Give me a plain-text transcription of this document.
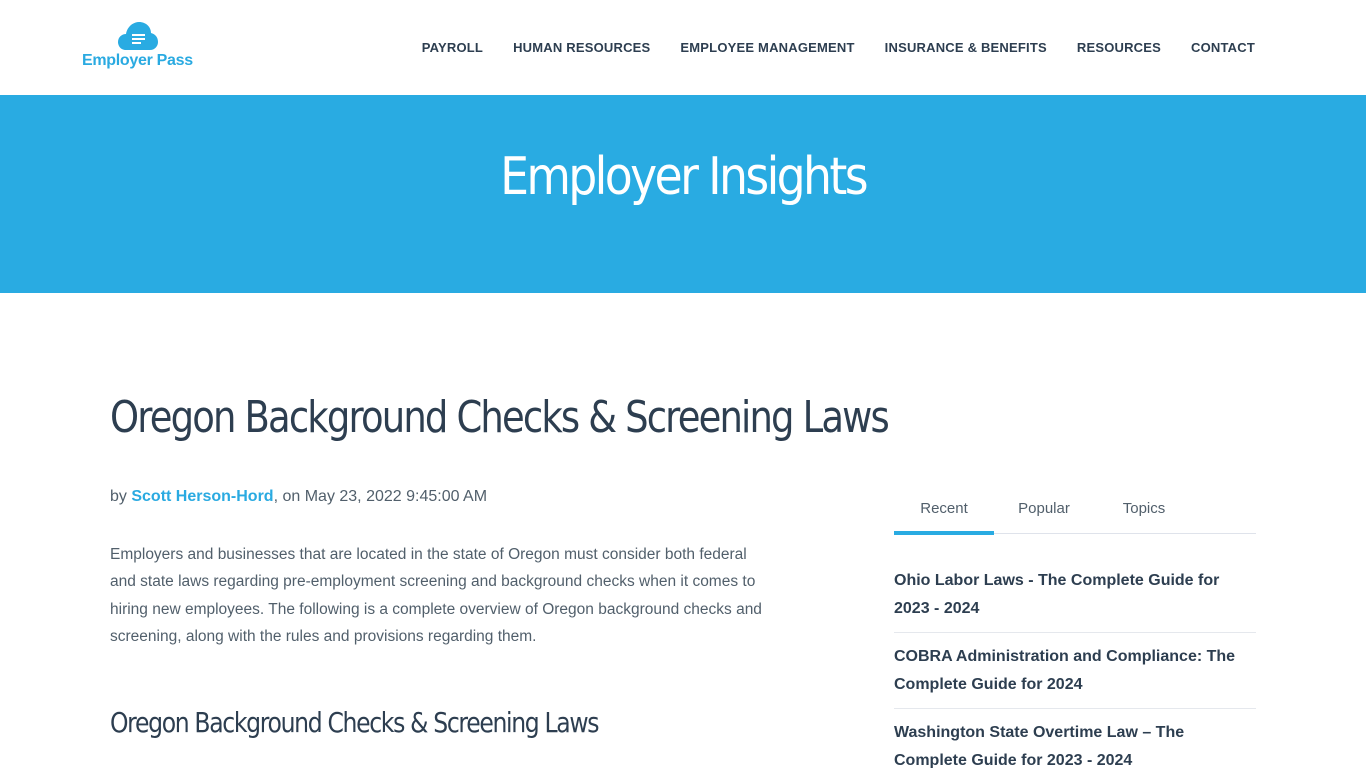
Employer Pass
PAYROLL HUMAN RESOURCES EMPLOYEE MANAGEMENT INSURANCE & BENEFITS RESOURCES CONTACT
Employer Insights
Oregon Background Checks & Screening Laws

by Scott Herson-Hord, on May 23, 2022 9:45:00 AM

Employers and businesses that are located in the state of Oregon must consider both federal and state laws regarding pre-employment screening and background checks when it comes to hiring new employees. The following is a complete overview of Oregon background checks and screening, along with the rules and provisions regarding them.

Oregon Background Checks & Screening Laws
Recent	Popular	Topics
Ohio Labor Laws - The Complete Guide for 2023 - 2024
COBRA Administration and Compliance: The Complete Guide for 2024
Washington State Overtime Law – The Complete Guide for 2023 - 2024
